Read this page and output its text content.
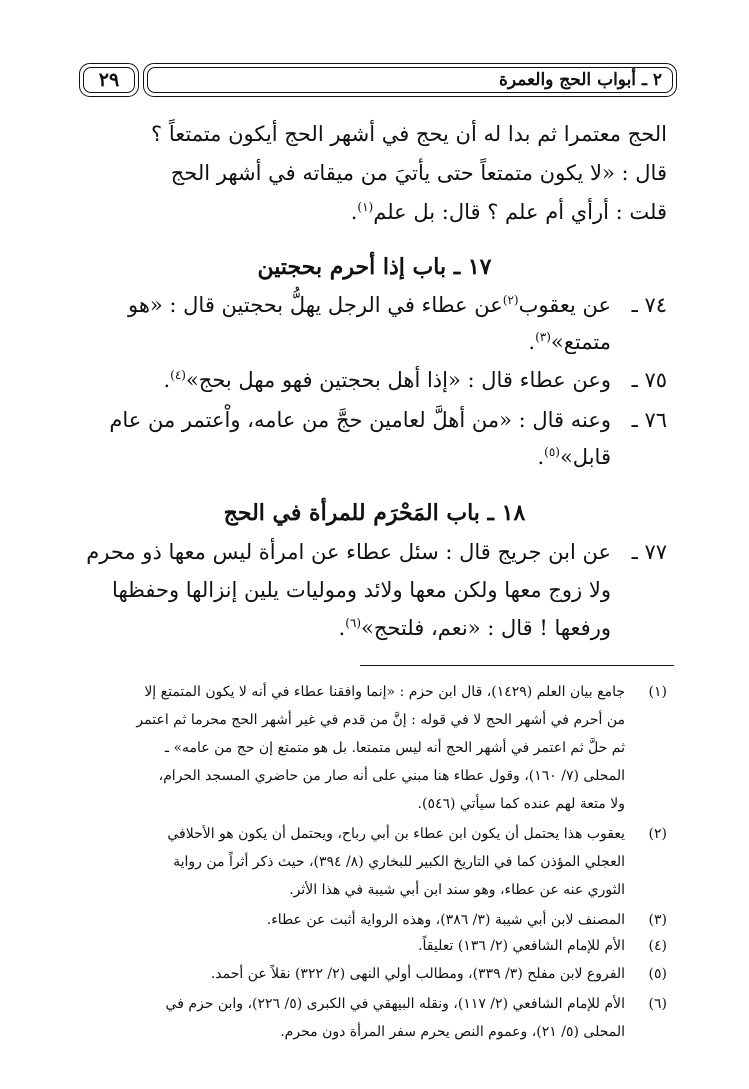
٢ ـ أبواب الحج والعمرة
٢٩
الحج معتمرا ثم بدا له أن يحج في أشهر الحج أيكون متمتعاً ؟
قال : «لا يكون متمتعاً حتى يأتيَ من ميقاته في أشهر الحج
قلت : أرأي أم علم ؟ قال: بل علم$^{(١)}$.
١٧ ـ باب إذا أحرم بحجتين
٧٤ ـ
عن يعقوب$^{(٢)}$عن عطاء في الرجل يهلُّ بحجتين قال : «هو
متمتع»$^{(٣)}$.
٧٥ ـ
وعن عطاء قال : «إذا أهل بحجتين فهو مهل بحج»$^{(٤)}$.
٧٦ ـ
وعنه قال : «من أهلَّ لعامين حجَّ من عامه، واْعتمر من عام
قابل»$^{(٥)}$.
١٨ ـ باب المَحْرَم للمرأة في الحج
٧٧ ـ
عن ابن جريج قال : سئل عطاء عن امرأة ليس معها ذو محرم
ولا زوج معها ولكن معها ولائد وموليات يلين إنزالها وحفظها
ورفعها ! قال : «نعم، فلتحج»$^{(٦)}$.
(١)
جامع بيان العلم (١٤٢٩)، قال ابن حزم : «إنما وافقنا عطاء في أنه لا يكون المتمتع إلا
من أحرم في أشهر الحج لا في قوله : إنَّ من قدم في غير أشهر الحج محرما ثم اعتمر
ثم حلَّ ثم اعتمر في أشهر الحج أنه ليس متمتعا. بل هو متمتع إن حج من عامه» ـ
المحلى (٧/ ١٦٠)، وقول عطاء هنا مبني على أنه صار من حاضري المسجد الحرام،
ولا متعة لهم عنده كما سيأتي (٥٤٦).
(٢)
يعقوب هذا يحتمل أن يكون ابن عطاء بن أبي رباح، ويحتمل أن يكون هو الأحلافي
العجلي المؤذن كما في التاريخ الكبير للبخاري (٨/ ٣٩٤)، حيث ذكر أثراً من رواية
الثوري عنه عن عطاء، وهو سند ابن أبي شيبة في هذا الأثر.
(٣)
المصنف لابن أبي شيبة (٣/ ٣٨٦)، وهذه الرواية أثبت عن عطاء.
(٤)
الأم للإمام الشافعي (٢/ ١٣٦) تعليقاً.
(٥)
الفروع لابن مفلح (٣/ ٣٣٩)، ومطالب أولي النهى (٢/ ٣٢٢) نقلاً عن أحمد.
(٦)
الأم للإمام الشافعي (٢/ ١١٧)، ونقله البيهقي في الكبرى (٥/ ٢٢٦)، وابن حزم في
المحلى (٥/ ٢١)، وعموم النص يحرم سفر المرأة دون محرم.
